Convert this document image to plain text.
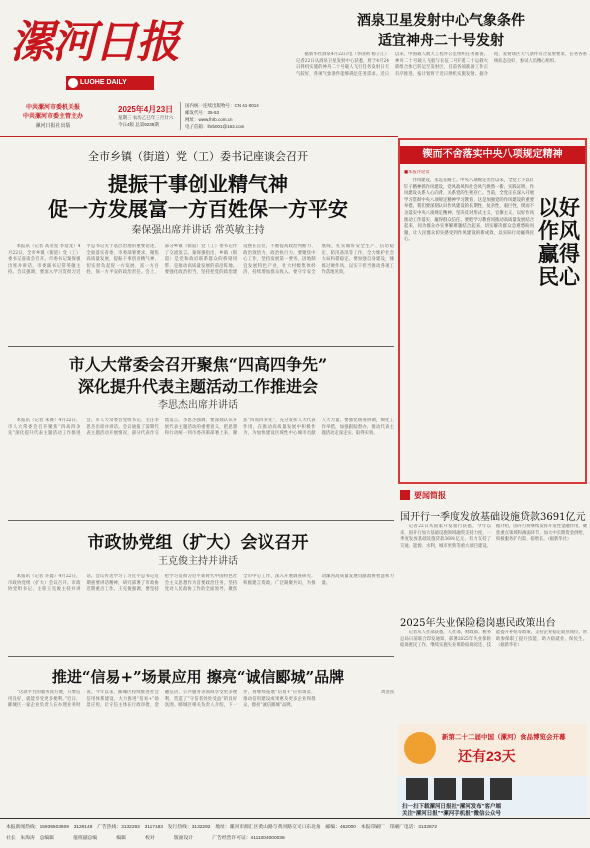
漯河日报
LUOHE DAILY
中共漯河市委机关报
中共漯河市委主管主办
漯河日报社出版
2025年4月23日
星期三 农历乙巳年三月廿六
今日4版 总第9239期
国内统一连续出版物号：CN 41-0014
邮发代号：35-53
网址：www.lhrb.com.cn
电子信箱：lhrb001@163.com
酒泉卫星发射中心气象条件
适宜神舟二十号发射

据新华社酒泉4月22日电（李国利 杨子江）记者22日从酒泉卫星发射中心获悉，将于4月24日择机实施的神舟二十号载人飞行任务发射日天气较好，各项气象条件能够满足任务需求。近日以来，中国载人航天工程办公室组织任务准备，神舟二十号载人飞船与长征二号F遥二十运载火箭组合体已转运至发射区，目前各项准备工作正有序推进，按计划将于近日择机实施发射。据介绍，发射场区天气条件符合发射要求，任务各系统状态良好，参试人员精心组织。

全市乡镇（街道）党（工）委书记座谈会召开
提振干事创业精气神
促一方发展富一方百姓保一方平安
秦保强出席并讲话 常英敏主持

本报讯（记者 高亚星 李延龙）4月22日，全市乡镇（街道）党（工）委书记座谈会召开。市委书记秦保强出席并讲话，市委副书记常英敏主持。会议强调，要深入学习贯彻习近平总书记关于基层治理的重要论述，全面落实省委、市委部署要求，聚焦高质量发展，提振干事创业精气神，切实担负起促一方发展、富一方百姓、保一方平安的政治责任。会上，部分乡镇（街道）党（工）委书记作了交流发言。秦保强指出，乡镇（街道）是党和政府联系群众的桥梁纽带，是推动高质量发展的前沿阵地。要强化政治担当，坚持把党的政治建设摆在首位，不断提高政治判断力、政治领悟力、政治执行力。要聚焦中心工作，坚持发展第一要务，因地制宜发展特色产业，壮大村级集体经济，持续增加群众收入。要守牢安全底线，扎实做好安全生产、信访稳定、防汛备汛等工作，全力维护社会大局和谐稳定。要加强自身建设，锤炼过硬作风，以实干担当推动各项工作落地见效。

市人大常委会召开聚焦“四高四争先”
深化提升代表主题活动工作推进会
李思杰出席并讲话

本报讯（记者 朱赛）4月22日，市人大常委会召开聚焦“四高四争先”深化提升代表主题活动工作推进会。市人大常委会党组书记、主任李思杰出席并讲话。会议通报了前期代表主题活动开展情况，部分代表作交流发言。李思杰强调，要深刻认识开展代表主题活动的重要意义，把思想和行动统一到市委决策部署上来，聚焦“四高四争先”，充分发挥人大代表作用，在推动高质量发展中积极作为，为加快建设区域性中心城市贡献人大力量。要强化统筹协调，细化工作举措，加强跟踪督办，推动代表主题活动走深走实、取得实效。

市政协党组（扩大）会议召开
王克俊主持并讲话

本报讯（记者 许鑫）4月22日，市政协党组（扩大）会议召开。市政协党组书记、主席王克俊主持并讲话。会议传达学习了习近平总书记近期重要讲话精神，研究部署了市政协近期重点工作。王克俊强调，要坚持把学习贯彻习近平新时代中国特色社会主义思想作为首要政治任务，坚持党对人民政协工作的全面领导，聚焦全市中心工作，深入开展调查研究，积极建言资政，广泛凝聚共识，为推动漯河高质量发展贡献政协智慧和力量。

推进“信易+”场景应用 擦亮“诚信郾城”品牌

“这款平台的服务真方便，只要信用良好，就能享受更多便利。”近日，郾城区一家企业负责人在办理业务时说。今年以来，郾城区持续推进社会信用体系建设，大力推进“信易+”场景应用，让守信主体在行政审批、金融信贷、公共服务等领域享受更多便利，营造了“守信者处处受益”的良好氛围。郾城区相关负责人介绍，下一步，将继续拓展“信易+”应用场景，推动信用建设成果惠及更多企业和群众，擦亮“诚信郾城”品牌。

周金茜

锲而不舍落实中央八项规定精神
■本报评论员

作风建设，永远在路上。中央八项规定出台以来，全党上下以钉钉子精神抓作风建设，党风政风和社会风气焕然一新。实践证明，作风建设关系人心向背、关系党的生死存亡。当前，全党正在深入开展学习贯彻中央八项规定精神学习教育，这是加强党的作风建设的重要举措。我们要深刻认识作风建设的长期性、复杂性、艰巨性，锲而不舍落实中央八项规定精神，坚决反对形式主义、官僚主义，以好作风推动工作落实、赢得群众信任。要把学习教育同推动高质量发展结合起来，同为群众办实事解难题结合起来，切实解决群众急难愁盼问题，让人民群众切实感受到作风建设的新成效，以实际行动赢得民心。

以好作风赢得民心
要闻简报
国开行一季度发放基础设施贷款3691亿元

记者22日从国家开发银行获悉，今年以来，国开行加大基础设施领域融资支持力度，一季度发放基础设施贷款3691亿元，有力支持了交通、能源、水利、城市更新等重大项目建设。据介绍，国开行将继续发挥开发性金融作用，聚焦重点领域和薄弱环节，加大中长期资金供给，积极服务扩内需、稳增长。（据新华社）

2025年失业保险稳岗惠民政策出台

记者从人社部获悉，人社部、财政部、税务总局日前联合印发通知，部署2025年失业保险稳岗惠民工作，继续实施失业保险稳岗返还、技能提升补贴等政策，支持企业稳定就业岗位，帮助参保职工提升技能，助力稳就业、保民生。（据新华社）

新第二十二届中国（漯河）食品博览会开幕
还有23天
扫一扫下载漯河日报社“漯河发布”客户端
关注“漯河日报”“漯河手机报”微信公众号
本报新闻热线：15939503809　3139148　广告热线：3132293　3117183　发行热线：3132292　地址：漯河市源汇区黄山路与黄河路交叉口东北角　邮编：462000　本报印刷厂　印刷厂电话：3132872
社长　朱海涛　总编辑　　　　值班副总编　　　　编辑　　　　校对　　　　版面设计　　　　广告经营许可证：4111004000038
